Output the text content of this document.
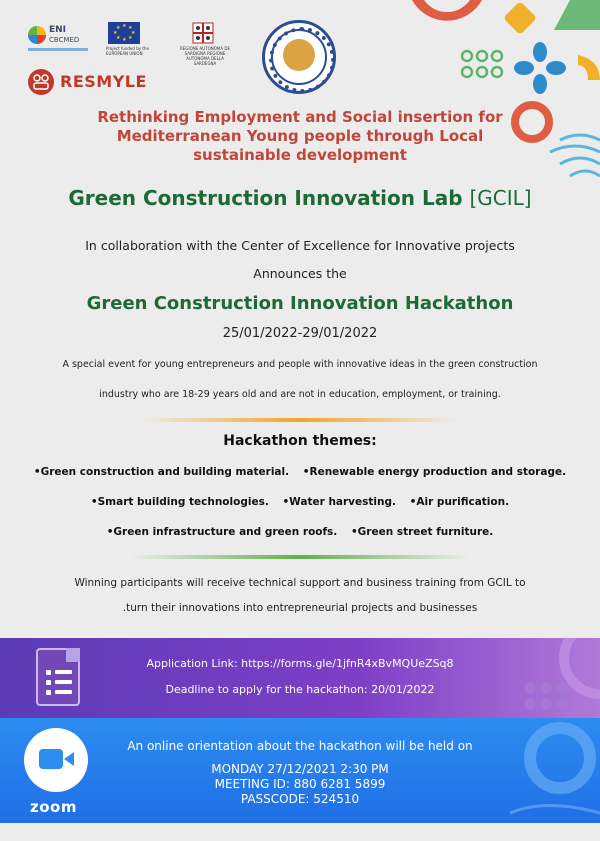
ENI
CBCMED
★ ★
★
★
★
★
★
★
Project funded by the EUROPEAN UNION
REGIONE AUTONOMA DE SARDIGNA REGIONE AUTONOMA DELLA SARDEGNA
RESMYLE
Rethinking Employment and Social insertion for
Mediterranean Young people through Local
sustainable development
Green Construction Innovation Lab [GCIL]
In collaboration with the Center of Excellence for Innovative projects
Announces the
Green Construction Innovation Hackathon
25/01/2022-29/01/2022
A special event for young entrepreneurs and people with innovative ideas in the green construction
industry who are 18-29 years old and are not in education, employment, or training.
Hackathon themes:
•Green construction and building material. •Renewable energy production and storage.
•Smart building technologies. •Water harvesting. •Air purification.
•Green infrastructure and green roofs. •Green street furniture.
Winning participants will receive technical support and business training from GCIL to
.turn their innovations into entrepreneurial projects and businesses
Application Link: https://forms.gle/1jfnR4xBvMQUeZSq8
Deadline to apply for the hackathon: 20/01/2022
zoom
An online orientation about the hackathon will be held on
MONDAY 27/12/2021 2:30 PM
MEETING ID: 880 6281 5899
PASSCODE: 524510
